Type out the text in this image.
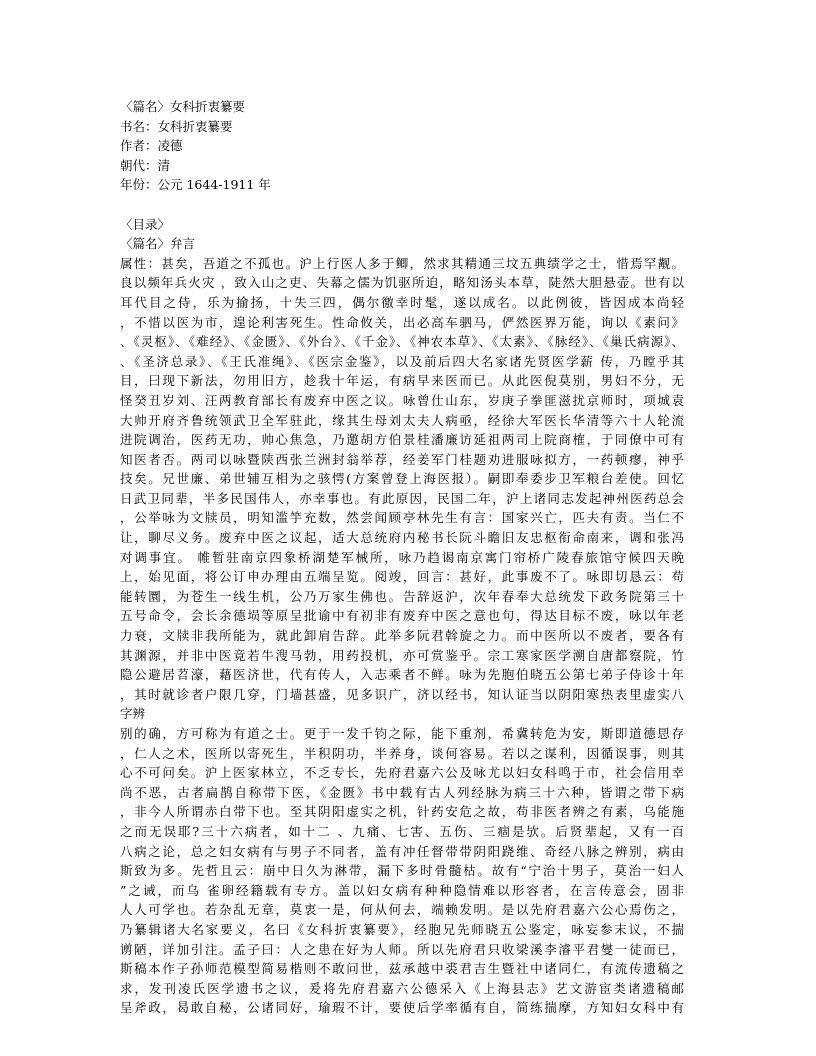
〈篇名〉女科折衷纂要
书名：女科折衷纂要
作者：凌德
朝代：清
年份：公元 1644-1911 年
〈目录〉
〈篇名〉弁言
属性：甚矣，吾道之不孤也。沪上行医人多于鲫，然求其精通三坟五典绩学之士，惜焉罕觏。
良以频年兵火灾 ，致入山之吏、失幕之儒为饥驱所迫，略知汤头本草，陡然大胆悬壶。世有以
耳代目之侍，乐为揄扬，十失三四，偶尔徼幸时髦，遂以成名。以此例彼，皆因成本尚轻
，不惜以医为市，遑论利害死生。性命攸关，出必高车驷马，俨然医界万能，询以《素问》
、《灵枢》、《难经》、《金匮》、《外台》、《千金》、《神农本草》、《太素》、《脉经》、《巢氏病源》、
、《圣济总录》、《王氏准绳》、《医宗金鉴》，以及前后四大名家诸先贤医学薪 传，乃瞠乎其
目，曰现下新法，勿用旧方，趁我十年运，有病早来医而已。从此医倪莫别，男妇不分，无
怪癸丑岁刘、汪两教育部长有废弃中医之议。咏曾仕山东，岁庚子拳匪滋扰京师时，项城袁
大帅开府齐鲁统领武卫全军驻此，缘其生母刘太夫人病亟，经徐大军医长华清等六十人轮流
进院调治，医药无功，帅心焦急，乃邀胡方伯景桂潘廉访延祖两司上院商榷，于同僚中可有
知医者否。两司以咏暨陕西张兰洲封翁举荐，经姜军门桂题劝进服咏拟方，一药顿瘳，神乎
技矣。兄世廉、弟世辅互相为之骇愕(方案曾登上海医报）。嗣即奉委步卫军粮台差使。回忆
日武卫同辈，半多民国伟人，亦幸事也。有此原因，民国二年，沪上诸同志发起神州医药总会
，公举咏为文牍员，明知滥竽充数，然尝闻顾亭林先生有言：国家兴亡，匹夫有责。当仁不
让，聊尽义务。废弃中医之议起，适大总统府内秘书长阮斗瞻旧友忠枢衔命南来，调和张冯
对调事宜。 帷暂驻南京四象桥湖楚军械所，咏乃趋谒南京寓门帘桥广陵春旅馆守候四天晚
上，始见面，将公订申办理由五端呈览。阅竣，回言：甚好，此事废不了。咏即切恳云：苟
能转圜，为苍生一线生机，公乃万家生佛也。告辞返沪，次年春奉大总统发下政务院第三十
五号命令，会长余德埙等原呈批谕中有初非有废弃中医之意也句，得达目标不废，咏以年老
力衰，文牍非我所能为，就此卸肩告辞。此举多阮君斡旋之力。而中医所以不废者，要各有
其渊源，并非中医竟若牛溲马勃，用药投机，亦可赏鉴乎。宗工寒家医学溯自唐都察院，竹
隐公避居苕濠，藉医济世，代有传人，入志乘者不鲜。咏为先胞伯晓五公第七弟子侍诊十年
，其时就诊者户限几穿，门墙甚盛，见多识广，济以经书，知认证当以阴阳寒热表里虚实八
字辨
别的确，方可称为有道之士。更于一发千钧之际，能下重剂，希冀转危为安，斯即道德㤙存
，仁人之术，医所以寄死生，半积阴功，半养身，谈何容易。若以之谋利，因循误事，则其
心不可问矣。沪上医家林立，不乏专长，先府君嘉六公及咏尤以妇女科鸣于市，社会信用幸
尚不恶，古者扁鹊自称带下医，《金匮》书中载有古人列经脉为病三十六种，皆谓之带下病
，非今人所谓赤白带下也。至其阴阳虚实之机，针药安危之故，苟非医者辨之有素，乌能施
之而无误耶?三十六病者，如十二 、九痛、七害、五伤、三痼是欤。后贤辈起，又有一百
八病之论，总之妇女病有与男子不同者，盖有冲任督带带阴阳跷维、奇经八脉之辨别，病由
斯致为多。先哲且云：崩中日久为淋带，漏下多时骨髓枯。故有“宁治十男子，莫治一妇人
”之诫，而乌 雀卵经籍载有专方。盖以妇女病有种种隐情难以形容者，在言传意会，固非
人人可学也。若杂乱无章，莫衷一是，何从何去，端赖发明。是以先府君嘉六公心焉伤之，
乃纂辑诸大名家要义，名曰《女科折衷纂要》，经胞兄先师晓五公鉴定，咏妄参末议，不揣
谫陋，详加引注。孟子曰：人之患在好为人师。所以先府君只收梁溪李濬平君燮一徒而已，
斯稿本作子孙师范模型简易楷则不敢问世，兹承越中裘君吉生暨社中诸同仁，有流传遗稿之
求，发刊凌氏医学遗书之议，爰将先府君嘉六公德采入《上海县志》艺文游宦类诸遗稿邮
呈斧政，曷敢自秘，公诸同好，瑜瑕不计，要使后学率循有自，简练揣摩，方知妇女科中有
